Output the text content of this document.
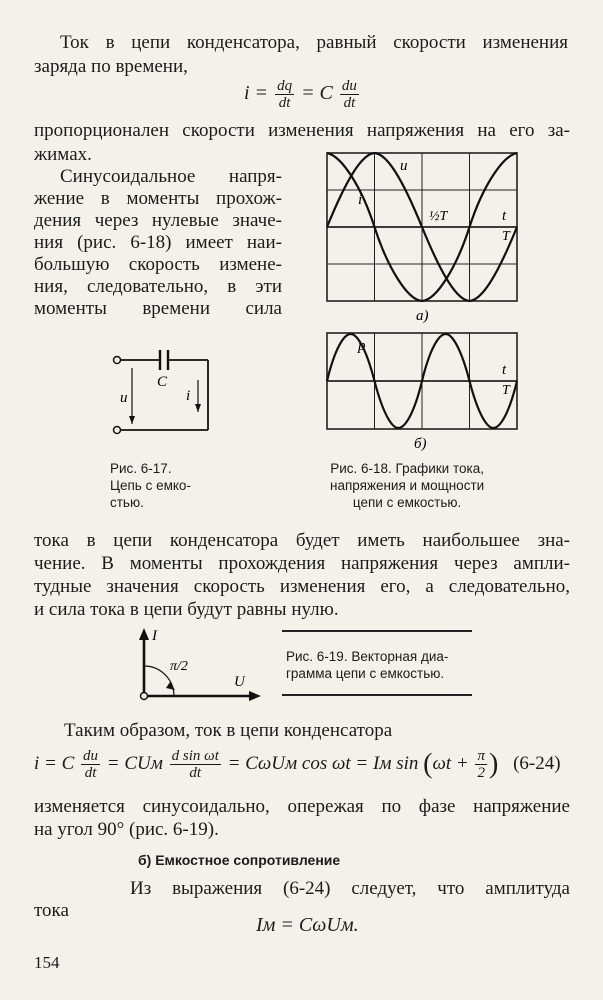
Ток в цепи конденсатора, равный скорости изменения
заряда по времени,
$i = \frac{dq}{dt} = C \frac{du}{dt}$
пропорционален скорости изменения напряжения на его за-
жимах.
Синусоидальное напря-
жение в моменты прохож-
дения через нулевые значе-
ния (рис. 6-18) имеет наи-
большую скорость измене-
ния, следовательно, в эти
моменты времени сила
u
i
½T	t
T
а)
p
t
T
б)
C
u	i
Рис. 6-17.
Цепь с емко-
стью.
Рис. 6-18. Графики тока,
напряжения и мощности
цепи с емкостью.
тока в цепи конденсатора будет иметь наибольшее зна-
чение. В моменты прохождения напряжения через ампли-
тудные значения скорость изменения его, а следовательно,
и сила тока в цепи будут равны нулю.
I
U
π/2
Рис. 6-19. Векторная диа-
грамма цепи с емкостью.
Таким образом, ток в цепи конденсатора
i = C $\frac{du}{dt}$ = CUм $\frac{\text{d sin ωt}}{dt} = C\omega Uм$ cos ωt = Iм $\sin (\omega t + \frac{\pi}{2}$ ) (6-24)
изменяется синусоидально, опережая по фазе напряжение
на угол 90° (рис. 6-19).
б) Емкостное сопротивление
Из выражения (6-24) следует, что амплитуда
тока
Iм = CωUм.
154
